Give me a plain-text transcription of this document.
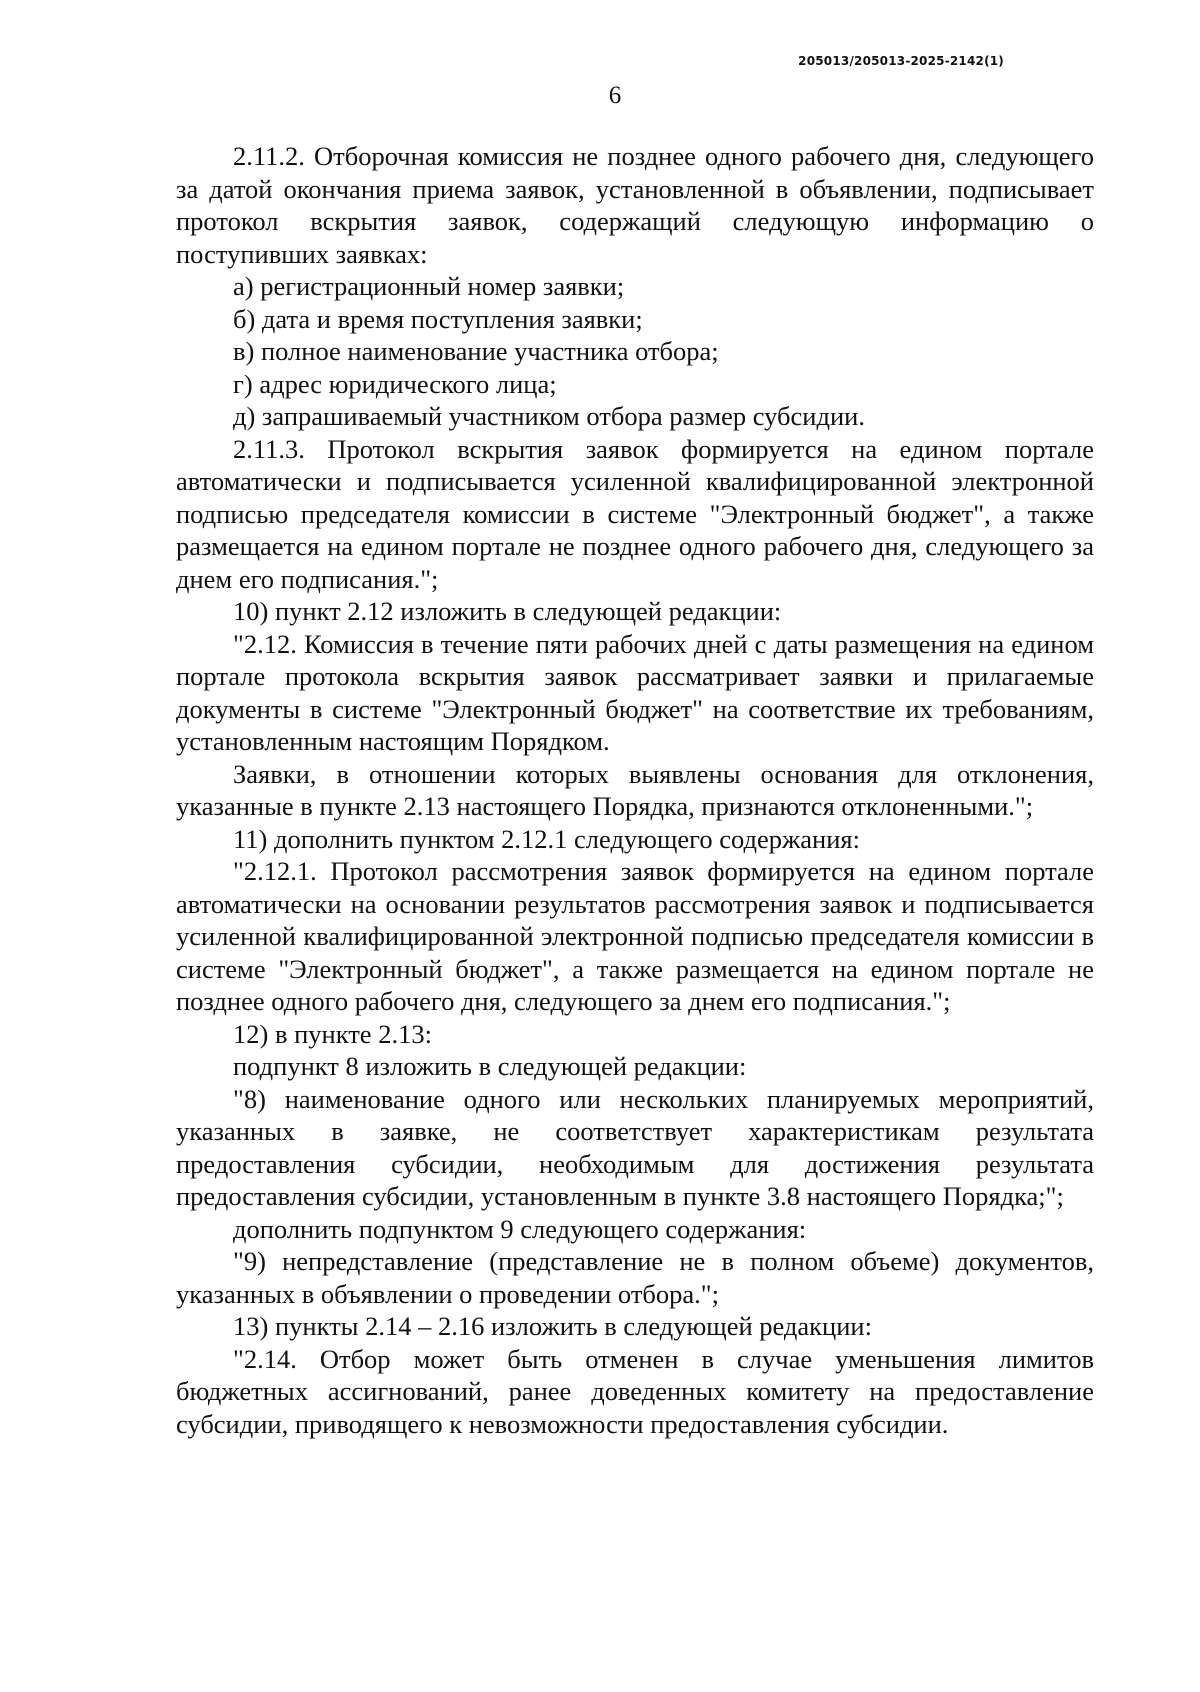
205013/205013-2025-2142(1)
6

2.11.2. Отборочная комиссия не позднее одного рабочего дня, следующего за датой окончания приема заявок, установленной в объявлении, подписывает протокол вскрытия заявок, содержащий следующую информацию о поступивших заявках:

а) регистрационный номер заявки;

б) дата и время поступления заявки;

в) полное наименование участника отбора;

г) адрес юридического лица;

д) запрашиваемый участником отбора размер субсидии.

2.11.3. Протокол вскрытия заявок формируется на едином портале автоматически и подписывается усиленной квалифицированной электронной подписью председателя комиссии в системе "Электронный бюджет", а также размещается на едином портале не позднее одного рабочего дня, следующего за днем его подписания.";

10) пункт 2.12 изложить в следующей редакции:

"2.12. Комиссия в течение пяти рабочих дней с даты размещения на едином портале протокола вскрытия заявок рассматривает заявки и прилагаемые документы в системе "Электронный бюджет" на соответствие их требованиям, установленным настоящим Порядком.

Заявки, в отношении которых выявлены основания для отклонения, указанные в пункте 2.13 настоящего Порядка, признаются отклоненными.";

11) дополнить пунктом 2.12.1 следующего содержания:

"2.12.1. Протокол рассмотрения заявок формируется на едином портале автоматически на основании результатов рассмотрения заявок и подписывается усиленной квалифицированной электронной подписью председателя комиссии в системе "Электронный бюджет", а также размещается на едином портале не позднее одного рабочего дня, следующего за днем его подписания.";

12) в пункте 2.13:

подпункт 8 изложить в следующей редакции:

"8) наименование одного или нескольких планируемых мероприятий, указанных в заявке, не соответствует характеристикам результата предоставления субсидии, необходимым для достижения результата предоставления субсидии, установленным в пункте 3.8 настоящего Порядка;";

дополнить подпунктом 9 следующего содержания:

"9) непредставление (представление не в полном объеме) документов, указанных в объявлении о проведении отбора.";

13) пункты 2.14 – 2.16 изложить в следующей редакции:

"2.14. Отбор может быть отменен в случае уменьшения лимитов бюджетных ассигнований, ранее доведенных комитету на предоставление субсидии, приводящего к невозможности предоставления субсидии.
